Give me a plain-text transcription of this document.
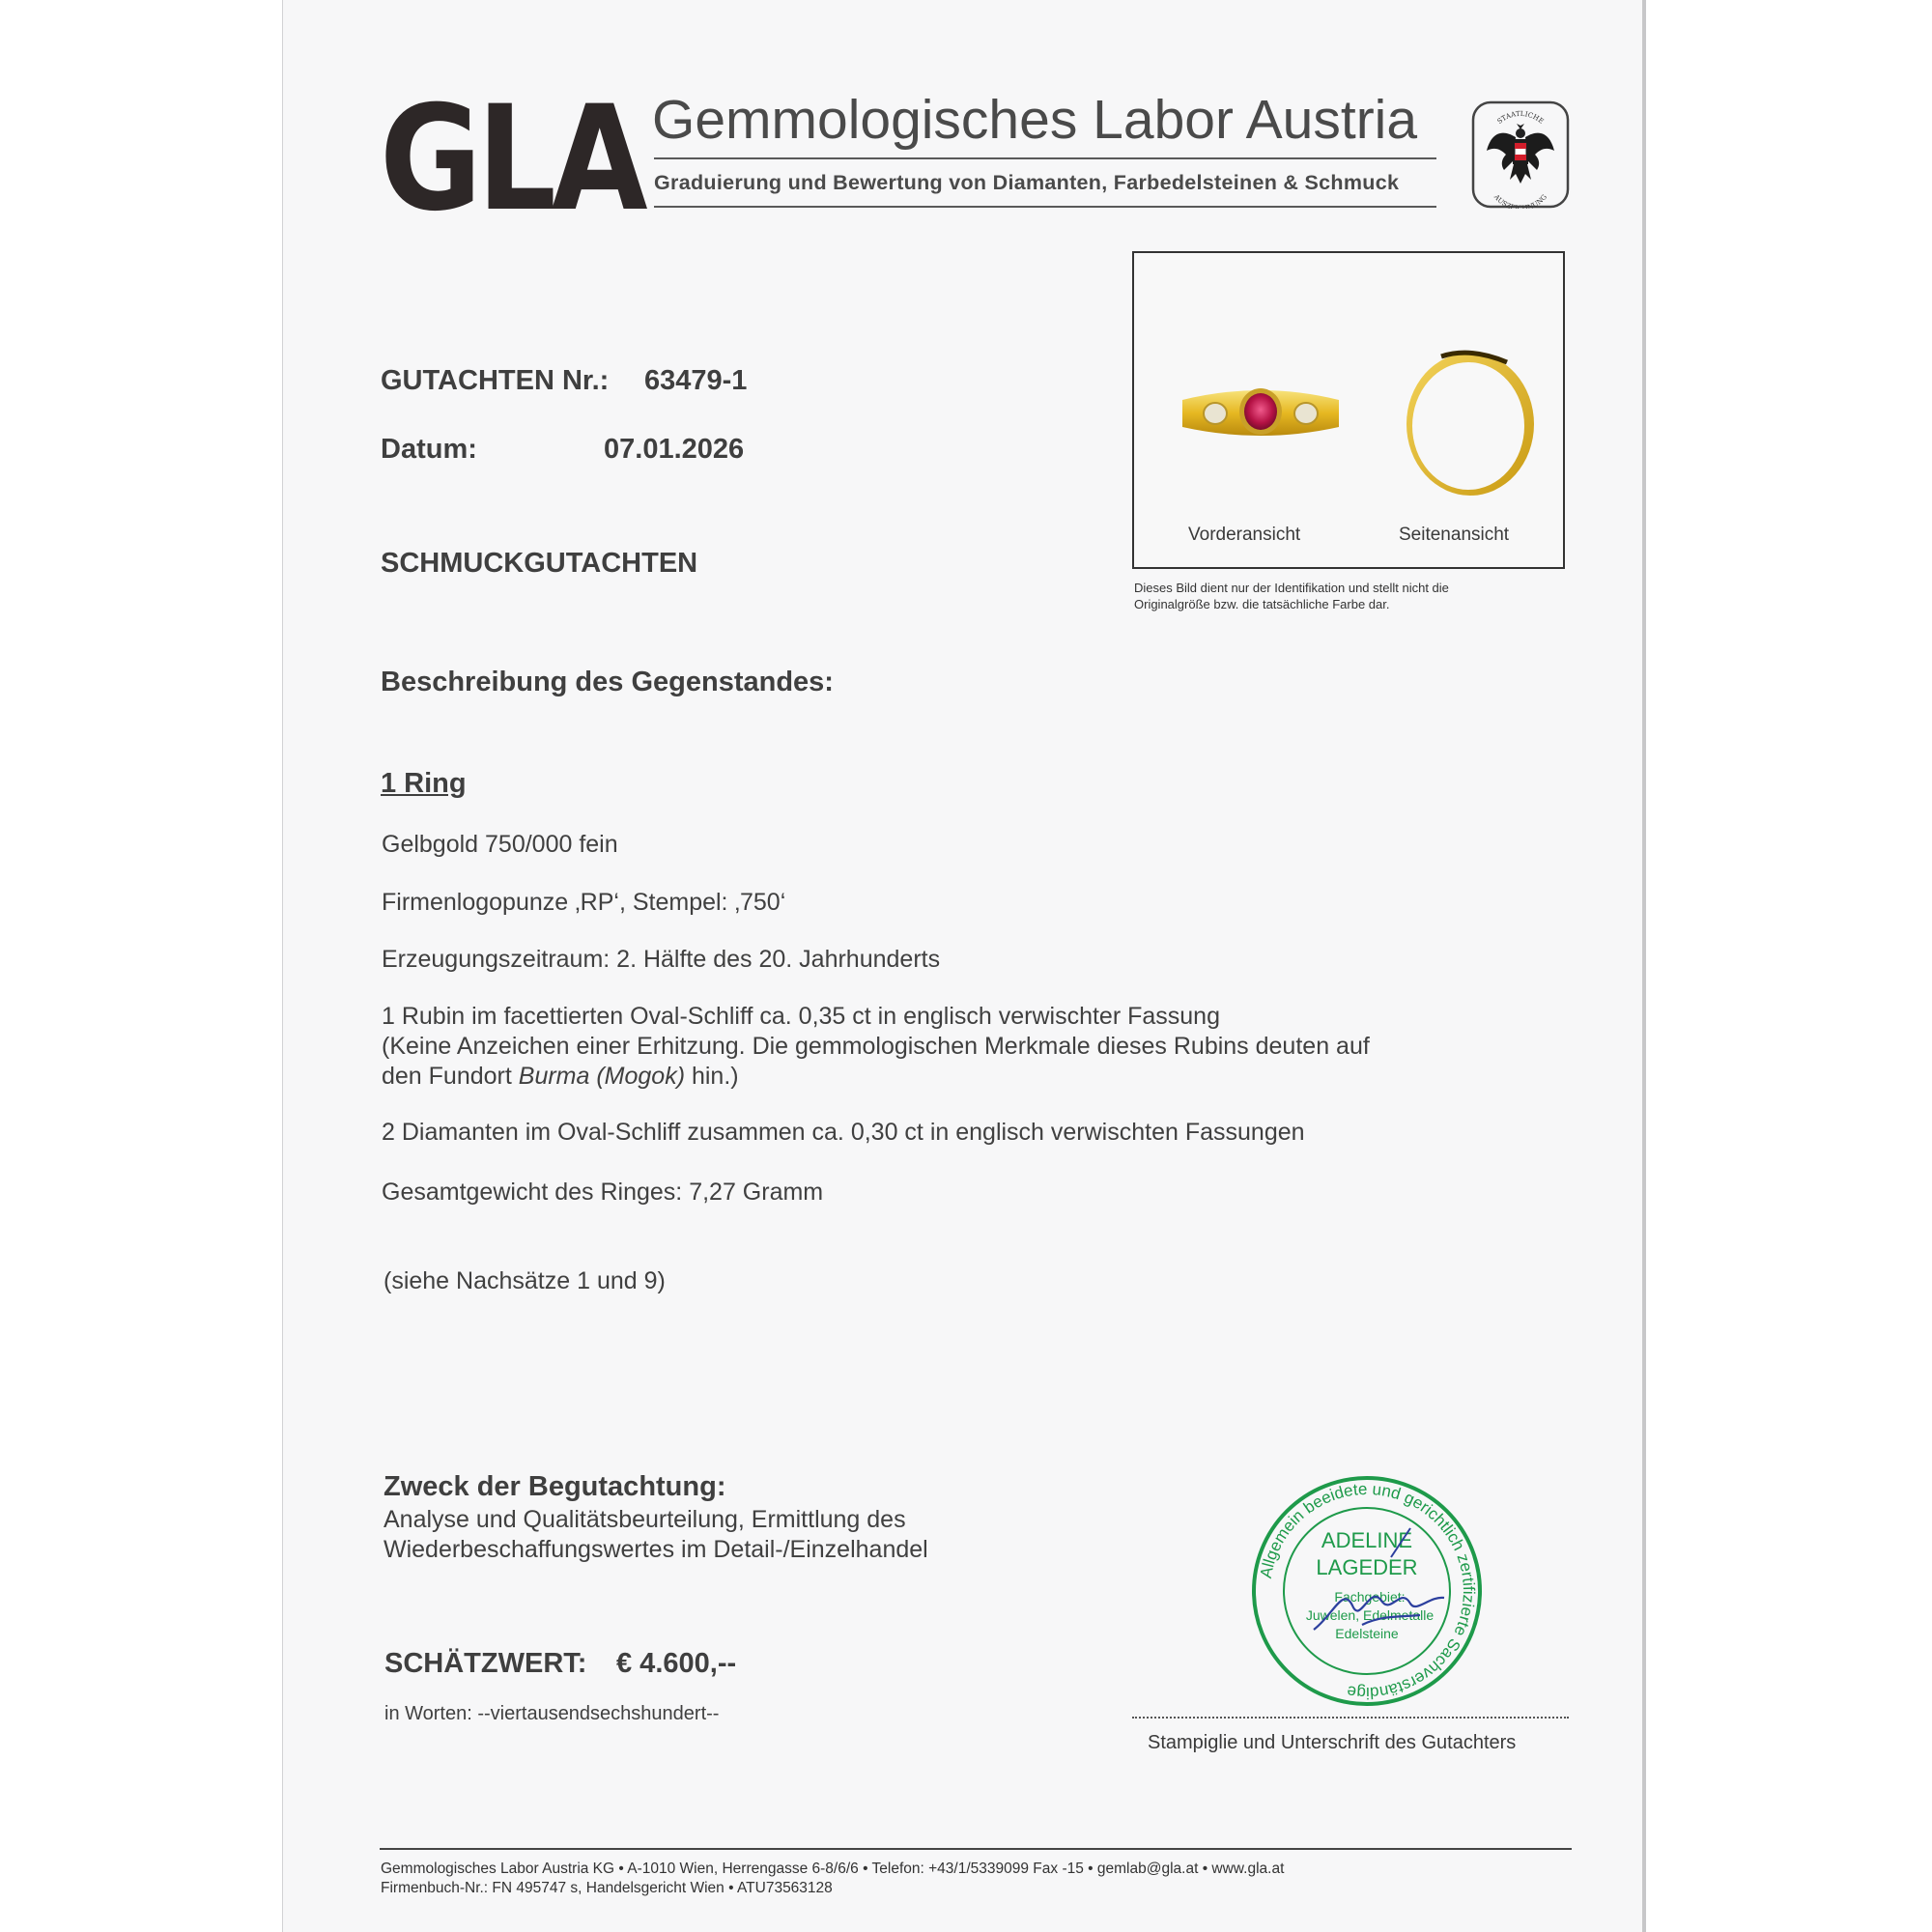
GLA Gemmologisches Labor Austria
Graduierung und Bewertung von Diamanten, Farbedelsteinen & Schmuck
STAATLICHE
AUSZEICHNUNG
GUTACHTEN Nr.: 63479-1
Datum:	07.01.2026
SCHMUCKGUTACHTEN
Vorderansicht	Seitenansicht
Dieses Bild dient nur der Identifikation und stellt nicht die Originalgröße bzw. die tatsächliche Farbe dar.
Beschreibung des Gegenstandes:
1 Ring
Gelbgold 750/000 fein
Firmenlogopunze ‚RP‘, Stempel: ‚750‘
Erzeugungszeitraum: 2. Hälfte des 20. Jahrhunderts
1 Rubin im facettierten Oval-Schliff ca. 0,35 ct in englisch verwischter Fassung
(Keine Anzeichen einer Erhitzung. Die gemmologischen Merkmale dieses Rubins deuten auf
den Fundort Burma (Mogok) hin.)
2 Diamanten im Oval-Schliff zusammen ca. 0,30 ct in englisch verwischten Fassungen
Gesamtgewicht des Ringes: 7,27 Gramm
(siehe Nachsätze 1 und 9)
Zweck der Begutachtung:
Analyse und Qualitätsbeurteilung, Ermittlung des
Wiederbeschaffungswertes im Detail-/Einzelhandel
SCHÄTZWERT: € 4.600,--
in Worten: --viertausendsechshundert--
Allgemein beeidete und gerichtlich zertifizierte Sachverständige
ADELINE
LAGEDER
Fachgebiet:
Juwelen, Edelmetalle
Edelsteine
Stampiglie und Unterschrift des Gutachters
Gemmologisches Labor Austria KG • A-1010 Wien, Herrengasse 6-8/6/6 • Telefon: +43/1/5339099 Fax -15 • gemlab@gla.at • www.gla.at
Firmenbuch-Nr.: FN 495747 s, Handelsgericht Wien • ATU73563128
